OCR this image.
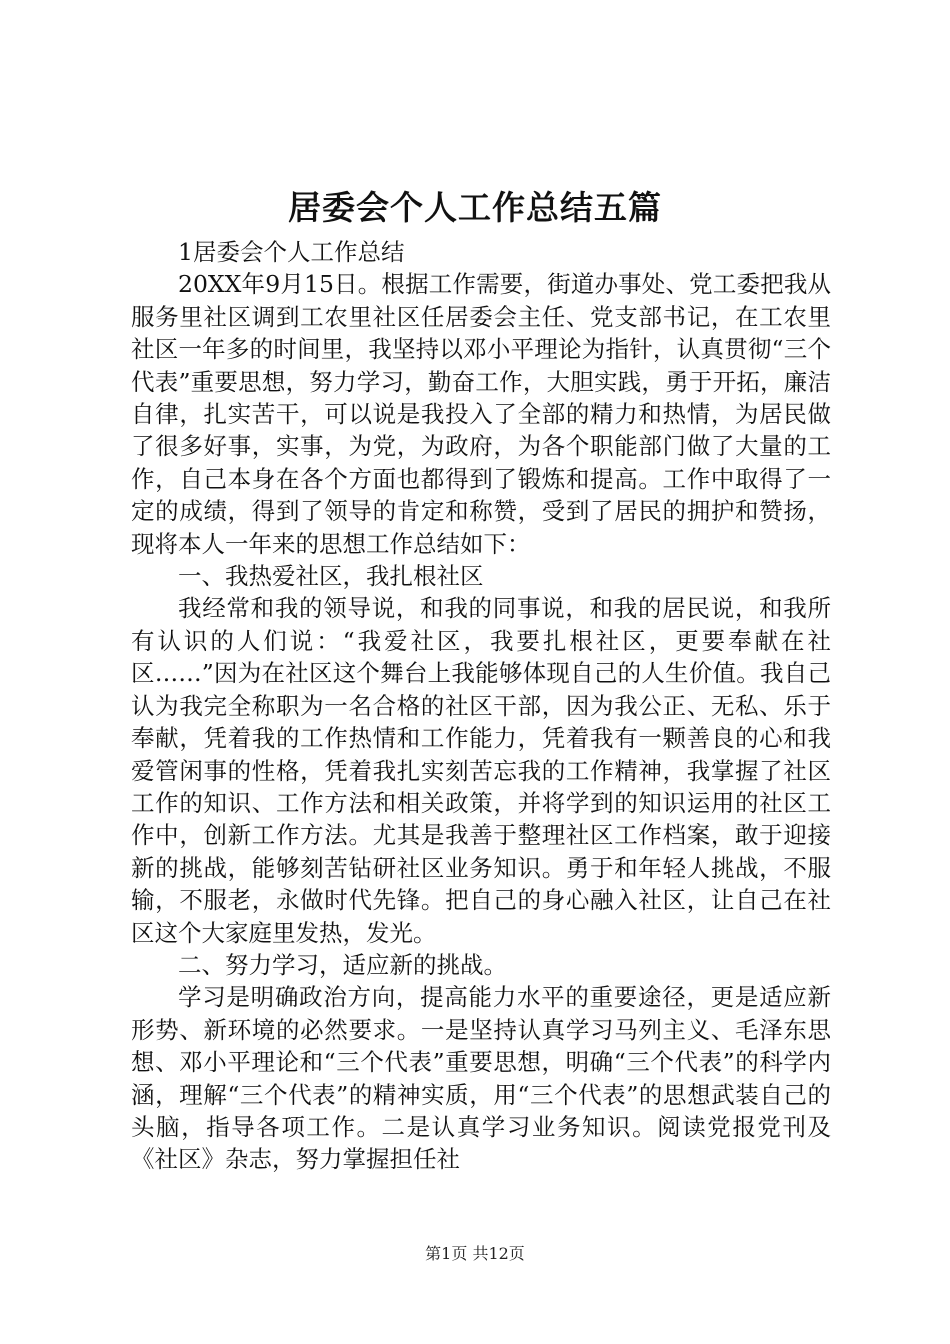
居委会个人工作总结五篇

1居委会个人工作总结

20XX年9月15日。根据工作需要，街道办事处、党工委把我从服务里社区调到工农里社区任居委会主任、党支部书记，在工农里社区一年多的时间里，我坚持以邓小平理论为指针，认真贯彻“三个代表”重要思想，努力学习，勤奋工作，大胆实践，勇于开拓，廉洁自律，扎实苦干，可以说是我投入了全部的精力和热情，为居民做了很多好事，实事，为党，为政府，为各个职能部门做了大量的工作，自己本身在各个方面也都得到了锻炼和提高。工作中取得了一定的成绩，得到了领导的肯定和称赞，受到了居民的拥护和赞扬，现将本人一年来的思想工作总结如下：

一、我热爱社区，我扎根社区

我经常和我的领导说，和我的同事说，和我的居民说，和我所有认识的人们说：“我爱社区，我要扎根社区，更要奉献在社区……”因为在社区这个舞台上我能够体现自己的人生价值。我自己认为我完全称职为一名合格的社区干部，因为我公正、无私、乐于奉献，凭着我的工作热情和工作能力，凭着我有一颗善良的心和我爱管闲事的性格，凭着我扎实刻苦忘我的工作精神，我掌握了社区工作的知识、工作方法和相关政策，并将学到的知识运用的社区工作中，创新工作方法。尤其是我善于整理社区工作档案，敢于迎接新的挑战，能够刻苦钻研社区业务知识。勇于和年轻人挑战，不服输，不服老，永做时代先锋。把自己的身心融入社区，让自己在社区这个大家庭里发热，发光。

二、努力学习，适应新的挑战。

学习是明确政治方向，提高能力水平的重要途径，更是适应新形势、新环境的必然要求。一是坚持认真学习马列主义、毛泽东思想、邓小平理论和“三个代表”重要思想，明确“三个代表”的科学内涵，理解“三个代表”的精神实质，用“三个代表”的思想武装自己的头脑，指导各项工作。二是认真学习业务知识。阅读党报党刊及《社区》杂志，努力掌握担任社

第1页 共12页
